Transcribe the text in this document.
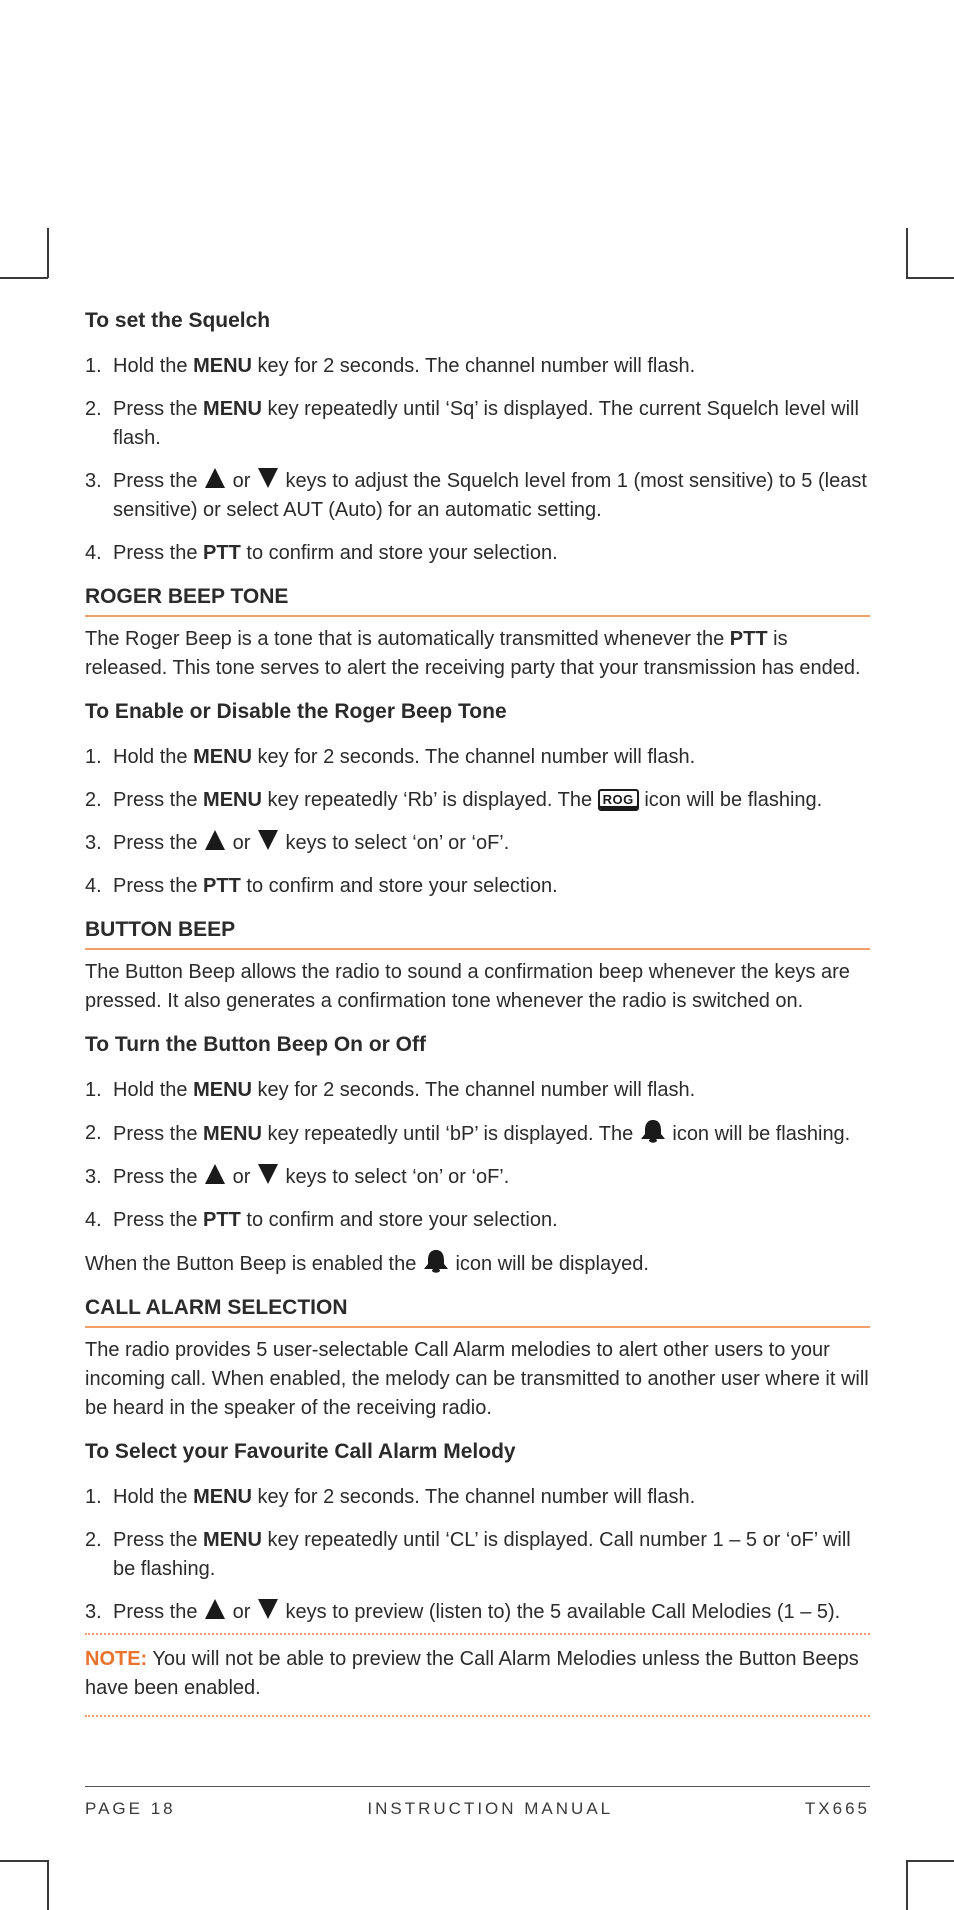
To set the Squelch
1. Hold the MENU key for 2 seconds. The channel number will flash.
2. Press the MENU key repeatedly until ‘Sq’ is displayed. The current Squelch level will flash.
3. Press the  or  keys to adjust the Squelch level from 1 (most sensitive) to 5 (least sensitive) or select AUT (Auto) for an automatic setting.
4. Press the PTT to confirm and store your selection.
ROGER BEEP TONE

The Roger Beep is a tone that is automatically transmitted whenever the PTT is released. This tone serves to alert the receiving party that your transmission has ended.

To Enable or Disable the Roger Beep Tone
1. Hold the MENU key for 2 seconds. The channel number will flash.
2. Press the MENU key repeatedly ‘Rb’ is displayed. The ROG icon will be flashing.
3. Press the  or  keys to select ‘on’ or ‘oF’.
4. Press the PTT to confirm and store your selection.
BUTTON BEEP

The Button Beep allows the radio to sound a confirmation beep whenever the keys are pressed. It also generates a confirmation tone whenever the radio is switched on.

To Turn the Button Beep On or Off
1. Hold the MENU key for 2 seconds. The channel number will flash.
2. Press the MENU key repeatedly until ‘bP’ is displayed. The  icon will be flashing.
3. Press the  or  keys to select ‘on’ or ‘oF’.
4. Press the PTT to confirm and store your selection.

When the Button Beep is enabled the  icon will be displayed.

CALL ALARM SELECTION

The radio provides 5 user-selectable Call Alarm melodies to alert other users to your incoming call. When enabled, the melody can be transmitted to another user where it will be heard in the speaker of the receiving radio.

To Select your Favourite Call Alarm Melody
1. Hold the MENU key for 2 seconds. The channel number will flash.
2. Press the MENU key repeatedly until ‘CL’ is displayed. Call number 1 – 5 or ‘oF’ will be flashing.
3. Press the  or  keys to preview (listen to) the 5 available Call Melodies (1 – 5).

NOTE: You will not be able to preview the Call Alarm Melodies unless the Button Beeps have been enabled.

PAGE 18	INSTRUCTION MANUAL	TX665
